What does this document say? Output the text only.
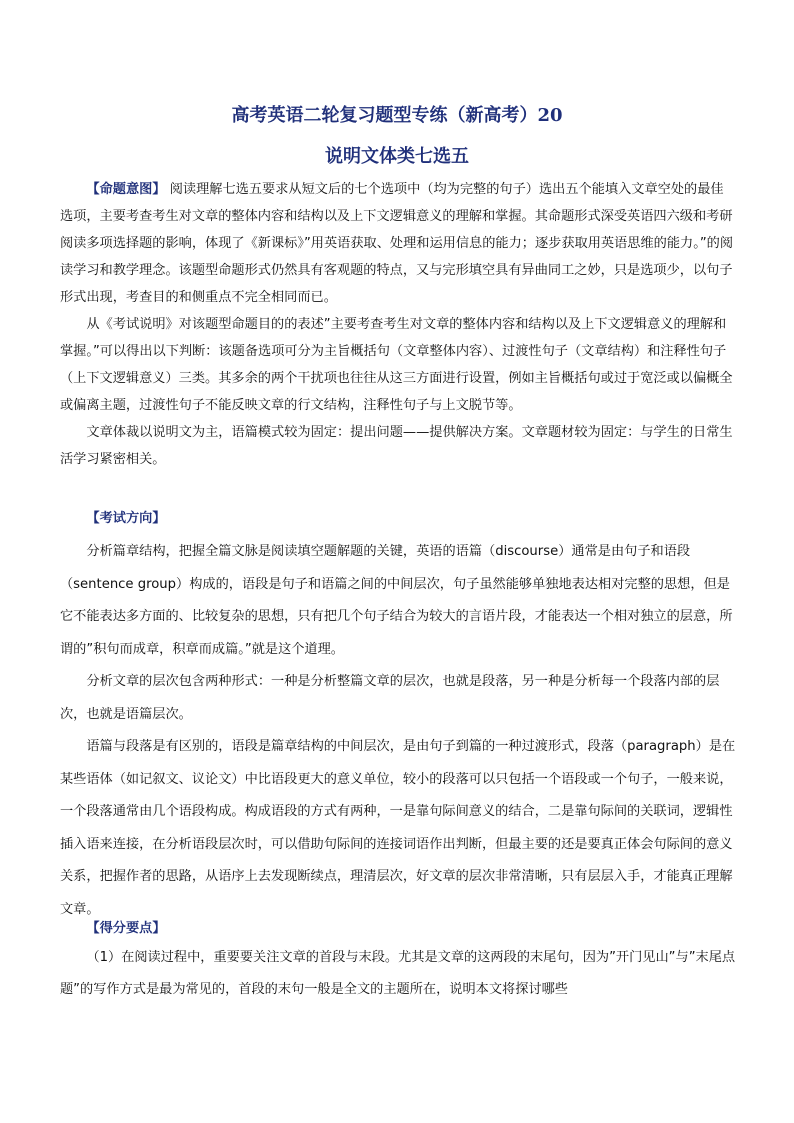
高考英语二轮复习题型专练（新高考）20
说明文体类七选五

【命题意图】 阅读理解七选五要求从短文后的七个选项中（均为完整的句子）选出五个能填入文章空处的最佳选项，主要考查考生对文章的整体内容和结构以及上下文逻辑意义的理解和掌握。其命题形式深受英语四六级和考研阅读多项选择题的影响，体现了《新课标》”用英语获取、处理和运用信息的能力；逐步获取用英语思维的能力。”的阅读学习和教学理念。该题型命题形式仍然具有客观题的特点，又与完形填空具有异曲同工之妙，只是选项少，以句子形式出现，考查目的和侧重点不完全相同而已。

从《考试说明》对该题型命题目的的表述”主要考查考生对文章的整体内容和结构以及上下文逻辑意义的理解和掌握。”可以得出以下判断：该题备选项可分为主旨概括句（文章整体内容）、过渡性句子（文章结构）和注释性句子（上下文逻辑意义）三类。其多余的两个干扰项也往往从这三方面进行设置，例如主旨概括句或过于宽泛或以偏概全或偏离主题，过渡性句子不能反映文章的行文结构，注释性句子与上文脱节等。

文章体裁以说明文为主，语篇模式较为固定：提出问题——提供解决方案。文章题材较为固定：与学生的日常生活学习紧密相关。

【考试方向】

分析篇章结构，把握全篇文脉是阅读填空题解题的关键，英语的语篇（discourse）通常是由句子和语段（sentence group）构成的，语段是句子和语篇之间的中间层次，句子虽然能够单独地表达相对完整的思想，但是它不能表达多方面的、比较复杂的思想，只有把几个句子结合为较大的言语片段，才能表达一个相对独立的层意，所谓的”积句而成章，积章而成篇。”就是这个道理。

分析文章的层次包含两种形式：一种是分析整篇文章的层次，也就是段落，另一种是分析每一个段落内部的层次，也就是语篇层次。

语篇与段落是有区别的，语段是篇章结构的中间层次，是由句子到篇的一种过渡形式，段落（paragraph）是在某些语体（如记叙文、议论文）中比语段更大的意义单位，较小的段落可以只包括一个语段或一个句子，一般来说，一个段落通常由几个语段构成。构成语段的方式有两种，一是靠句际间意义的结合，二是靠句际间的关联词，逻辑性插入语来连接，在分析语段层次时，可以借助句际间的连接词语作出判断，但最主要的还是要真正体会句际间的意义关系，把握作者的思路，从语序上去发现断续点，理清层次，好文章的层次非常清晰，只有层层入手，才能真正理解文章。

【得分要点】

（1）在阅读过程中，重要要关注文章的首段与末段。尤其是文章的这两段的末尾句，因为”开门见山”与”末尾点题”的写作方式是最为常见的，首段的末句一般是全文的主题所在，说明本文将探讨哪些
